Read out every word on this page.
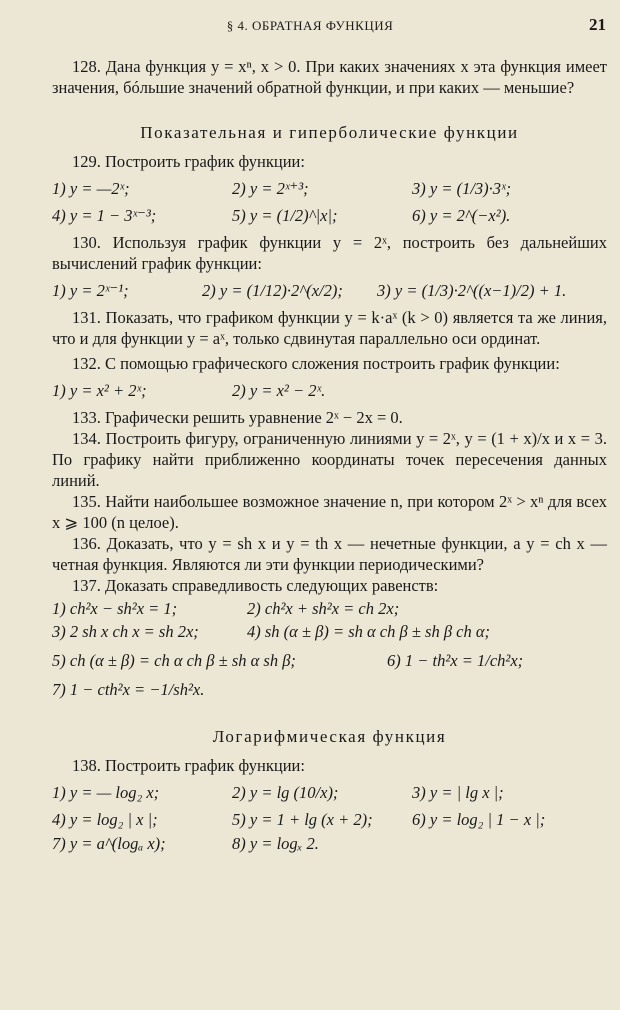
§ 4. ОБРАТНАЯ ФУНКЦИЯ	21

128. Дана функция y = xⁿ, x > 0. При каких значениях x эта функция имеет значения, бóльшие значений обратной функции, и при каких — меньшие?

Показательная и гиперболические функции

129. Построить график функции:

1) y = —2ˣ;	2) y = 2ˣ⁺³;	3) y = (1/3)·3ˣ;
4) y = 1 − 3ˣ⁻³;	5) y = (1/2)^|x|;	6) y = 2^(−x²).

130. Используя график функции y = 2ˣ, построить без дальнейших вычислений график функции:

1) y = 2ˣ⁻¹;	2) y = (1/12)·2^(x/2);	3) y = (1/3)·2^((x−1)/2) + 1.

131. Показать, что графиком функции y = k·aˣ (k > 0) является та же линия, что и для функции y = aˣ, только сдвинутая параллельно оси ординат.

132. С помощью графического сложения построить график функции:

1) y = x² + 2ˣ;	2) y = x² − 2ˣ.

133. Графически решить уравнение 2ˣ − 2x = 0.

134. Построить фигуру, ограниченную линиями y = 2ˣ, y = (1 + x)/x и x = 3. По графику найти приближенно координаты точек пересечения данных линий.

135. Найти наибольшее возможное значение n, при котором 2ˣ > xⁿ для всех x ⩾ 100 (n целое).

136. Доказать, что y = sh x и y = th x — нечетные функции, а y = ch x — четная функция. Являются ли эти функции периодическими?

137. Доказать справедливость следующих равенств:

1) ch²x − sh²x = 1;	2) ch²x + sh²x = ch 2x;
3) 2 sh x ch x = sh 2x;	4) sh (α ± β) = sh α ch β ± sh β ch α;
5) ch (α ± β) = ch α ch β ± sh α sh β;	6) 1 − th²x = 1/ch²x;
7) 1 − cth²x = −1/sh²x.
Логарифмическая функция

138. Построить график функции:

1) y = — log₂ x;	2) y = lg (10/x);	3) y = | lg x |;
4) y = log₂ | x |;	5) y = 1 + lg (x + 2);	6) y = log₂ | 1 − x |;
7) y = a^(logₐ x);	8) y = logₓ 2.
